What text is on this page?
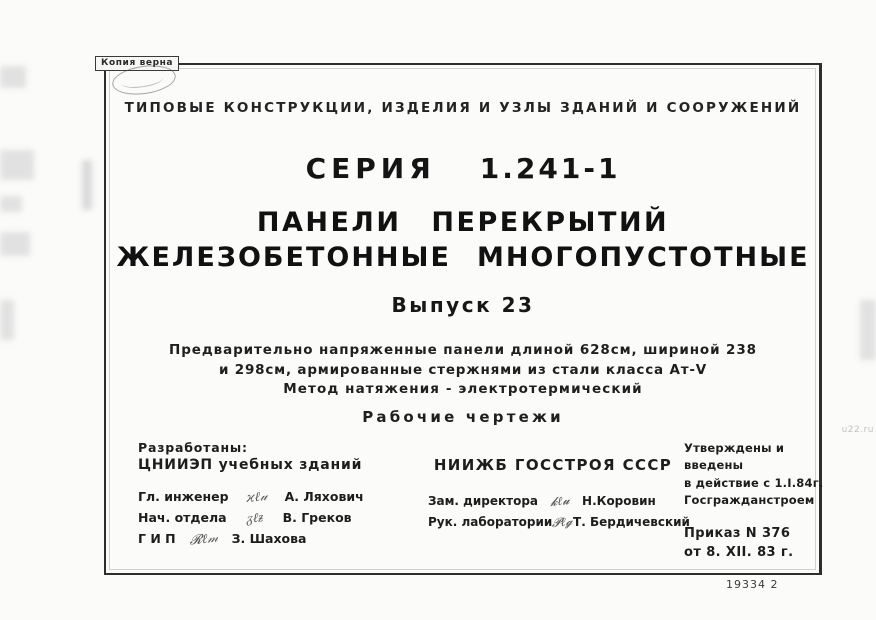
Копия верна
ТИПОВЫЕ КОНСТРУКЦИИ, ИЗДЕЛИЯ И УЗЛЫ ЗДАНИЙ И СООРУЖЕНИЙ
СЕРИЯ 1.241-1
ПАНЕЛИ ПЕРЕКРЫТИЙ
ЖЕЛЕЗОБЕТОННЫЕ МНОГОПУСТОТНЫЕ
Выпуск 23
Предварительно напряженные панели длиной 628см, шириной 238
и 298см, армированные стержнями из стали класса Ат-V
Метод натяжения - электротермический
Рабочие чертежи
Разработаны:
ЦНИИЭП учебных зданий
Гл. инженер	ϰℓ𝓊	А. Ляхович
Нач. отдела	ᵹℓᵶ	В. Греков
Г И П	𝓡ℓ𝓂	З. Шахова
НИИЖБ ГОССТРОЯ СССР
Зам. директора	𝓴ℓ𝓾	Н.Коровин
Рук. лаборатории 𝓟ℓ𝓰 Т. Бердичевский
Утверждены и введены
в действие с 1.I.84г.
Госгражданстроем
Приказ N 376
от 8. XII. 83 г.
19334 2
u22.ru
